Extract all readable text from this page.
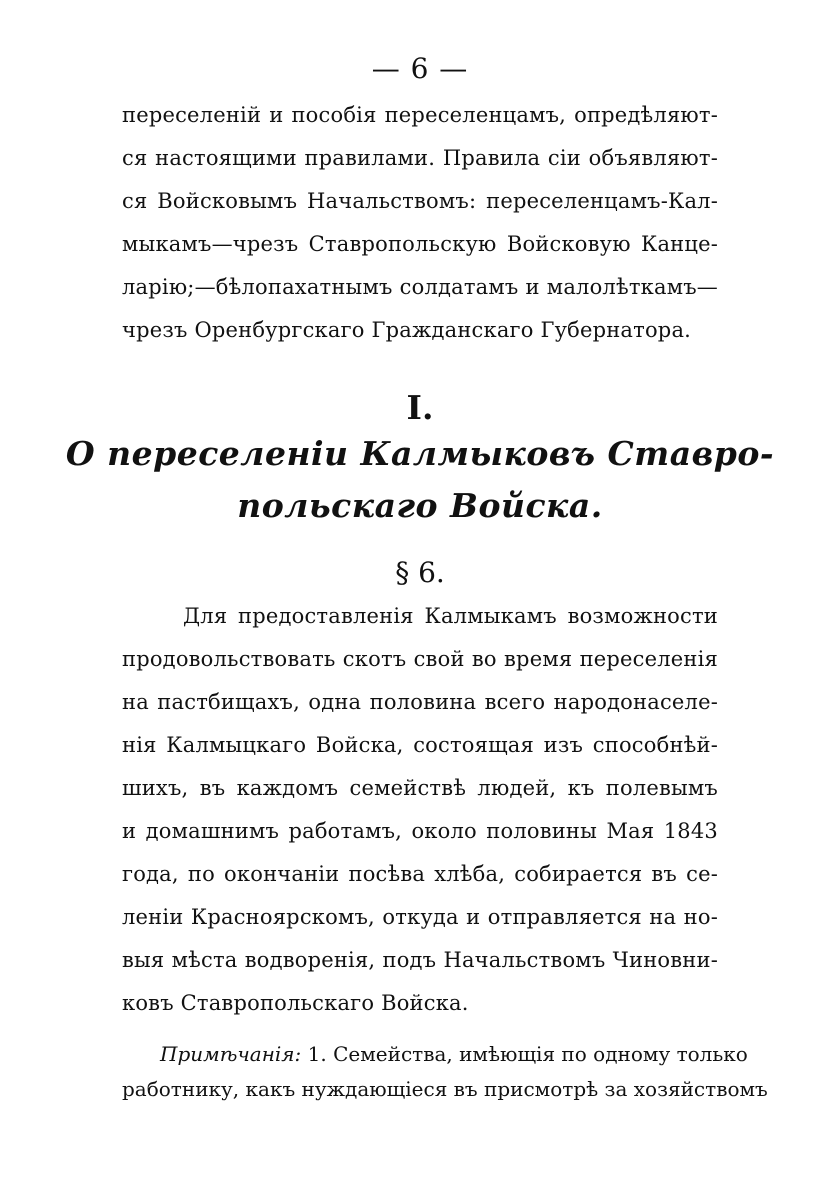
— 6 —
переселеній и пособія переселенцамъ, опредѣляют-
ся настоящими правилами. Правила сіи объявляют-
ся Войсковымъ Начальствомъ: переселенцамъ-Кал-
мыкамъ—чрезъ Ставропольскую Войсковую Канце-
ларію;—бѣлопахатнымъ солдатамъ и малолѣткамъ—
чрезъ Оренбургскаго Гражданскаго Губернатора.
I.
О переселеніи Калмыковъ Ставро-
польскаго Войска.
§ 6.
Для предоставленія Калмыкамъ возможности
продовольствовать скотъ свой во время переселенія
на пастбищахъ, одна половина всего народонаселе-
нія Калмыцкаго Войска, состоящая изъ способнѣй-
шихъ, въ каждомъ семействѣ людей, къ полевымъ
и домашнимъ работамъ, около половины Мая 1843
года, по окончаніи посѣва хлѣба, собирается въ се-
леніи Красноярскомъ, откуда и отправляется на но-
выя мѣста водворенія, подъ Начальствомъ Чиновни-
ковъ Ставропольскаго Войска.
Примѣчанія: 1. Семейства, имѣющія по одному только
работнику, какъ нуждающіеся въ присмотрѣ за хозяйствомъ
